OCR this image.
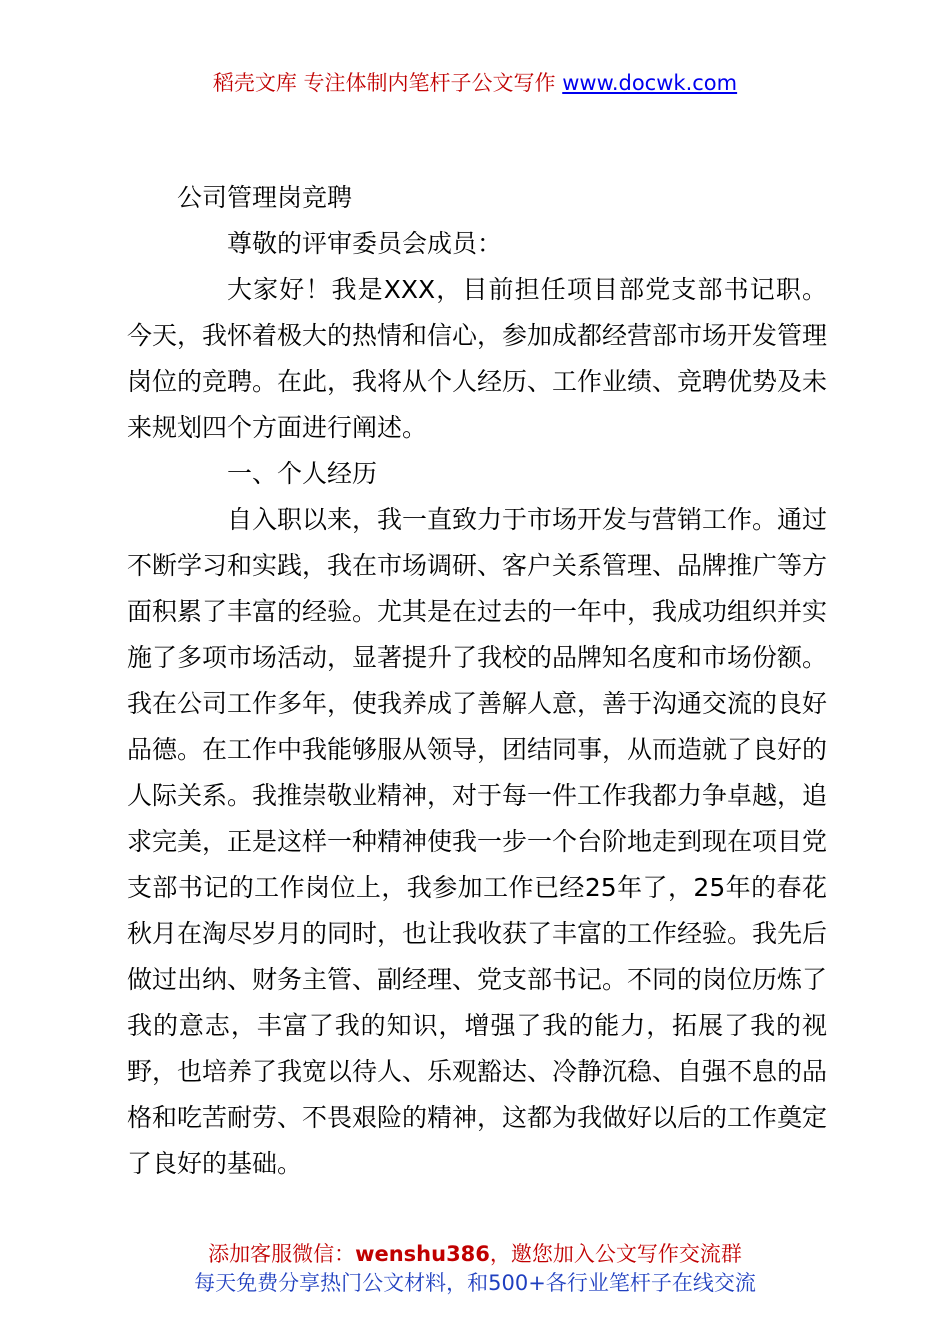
稻壳文库 专注体制内笔杆子公文写作 www.docwk.com

公司管理岗竞聘

尊敬的评审委员会成员：

大家好！我是XXX，目前担任项目部党支部书记职。今天，我怀着极大的热情和信心，参加成都经营部市场开发管理岗位的竞聘。在此，我将从个人经历、工作业绩、竞聘优势及未来规划四个方面进行阐述。

一、个人经历

自入职以来，我一直致力于市场开发与营销工作。通过不断学习和实践，我在市场调研、客户关系管理、品牌推广等方面积累了丰富的经验。尤其是在过去的一年中，我成功组织并实施了多项市场活动，显著提升了我校的品牌知名度和市场份额。我在公司工作多年，使我养成了善解人意，善于沟通交流的良好品德。在工作中我能够服从领导，团结同事，从而造就了良好的人际关系。我推崇敬业精神，对于每一件工作我都力争卓越，追求完美，正是这样一种精神使我一步一个台阶地走到现在项目党支部书记的工作岗位上，我参加工作已经25年了，25年的春花秋月在淘尽岁月的同时，也让我收获了丰富的工作经验。我先后做过出纳、财务主管、副经理、党支部书记。不同的岗位历炼了我的意志，丰富了我的知识，增强了我的能力，拓展了我的视野，也培养了我宽以待人、乐观豁达、冷静沉稳、自强不息的品格和吃苦耐劳、不畏艰险的精神，这都为我做好以后的工作奠定了良好的基础。

添加客服微信：wenshu386，邀您加入公文写作交流群
每天免费分享热门公文材料，和500+各行业笔杆子在线交流
